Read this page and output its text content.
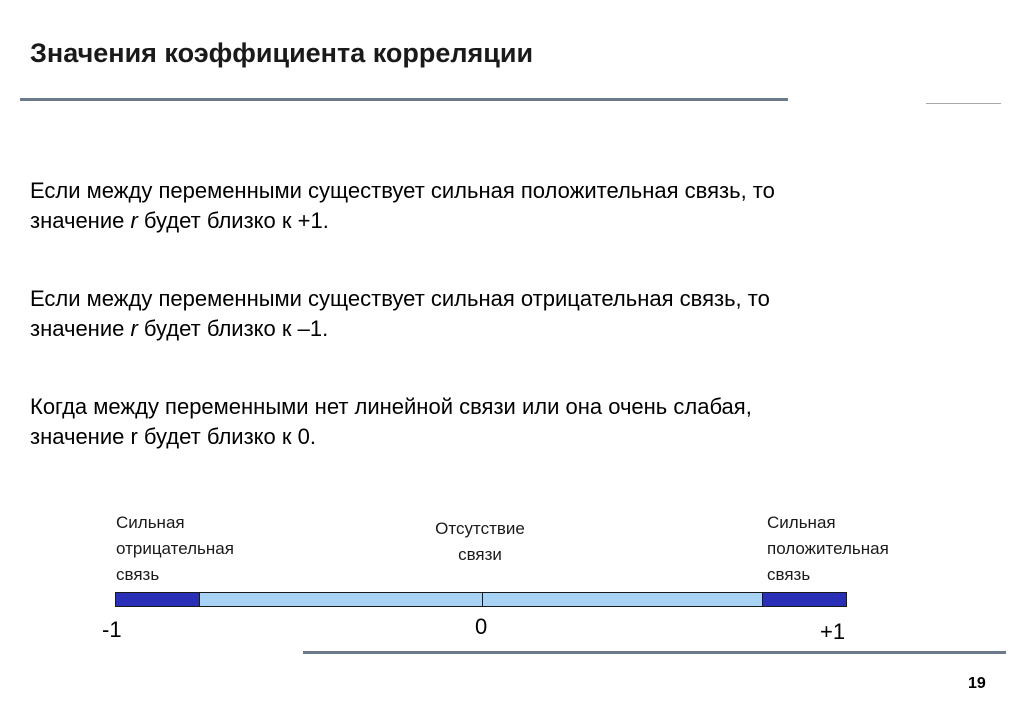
Значения коэффициента корреляции

Если между переменными существует сильная положительная связь, то
значение r будет близко к +1.

Если между переменными существует сильная отрицательная связь, то
значение r будет близко к –1.

Когда между переменными нет линейной связи или она очень слабая,
значение r будет близко к 0.

Сильная
отрицательная
связь
Отсутствие
связи
Сильная
положительная
связь
-1	0	+1
19
